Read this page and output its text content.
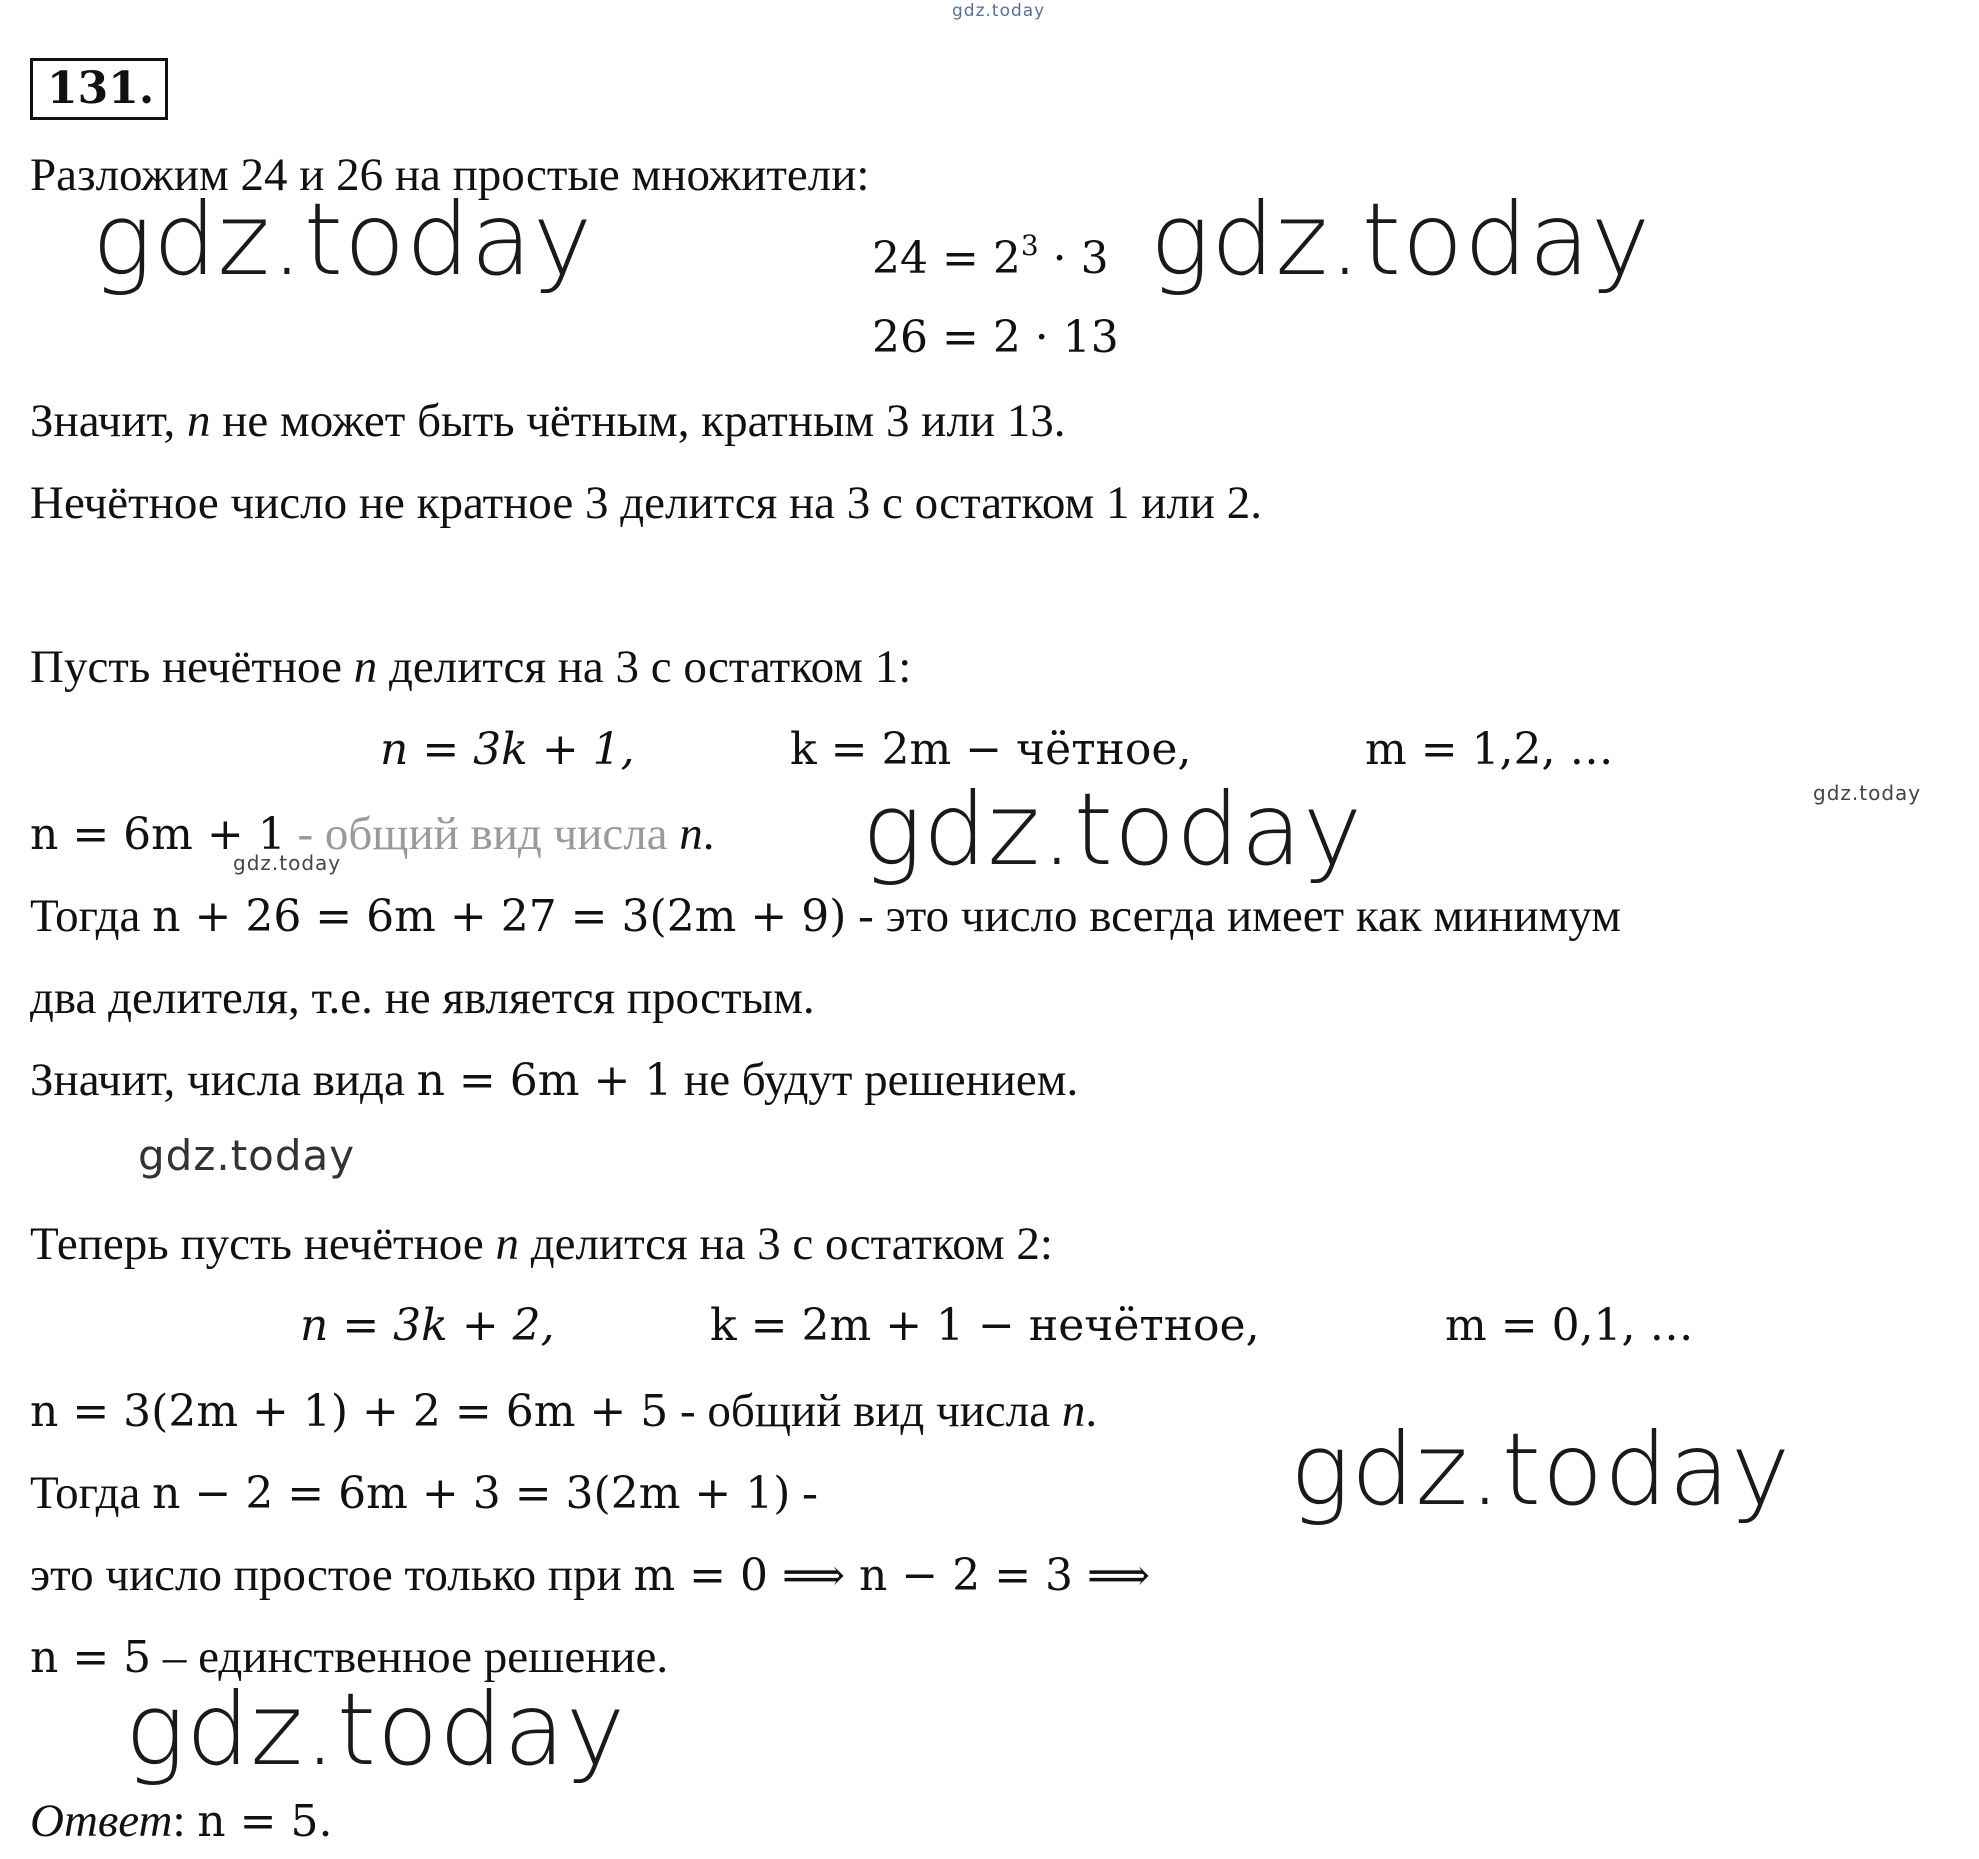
gdz.today
131.
Разложим 24 и 26 на простые множители:
$24 = 2^3 \cdot 3$
26 = 2 · 13
Значит, n не может быть чётным, кратным 3 или 13.
Нечётное число не кратное 3 делится на 3 с остатком 1 или 2.
Пусть нечётное n делится на 3 с остатком 1:
n = 3k + 1,	k = 2m − чётное,	m = 1,2, …
n = 6m + 1 - общий вид числа n.
Тогда n + 26 = 6m + 27 = 3(2m + 9) - это число всегда имеет как минимум
два делителя, т.е. не является простым.
Значит, числа вида n = 6m + 1 не будут решением.
Теперь пусть нечётное n делится на 3 с остатком 2:
n = 3k + 2,	k = 2m + 1 − нечётное,	m = 0,1, …
n = 3(2m + 1) + 2 = 6m + 5 - общий вид числа n.
Тогда n − 2 = 6m + 3 = 3(2m + 1) -
это число простое только при m = 0 ⟹ n − 2 = 3 ⟹
n = 5 – единственное решение.
Ответ: n = 5.
gdz.today	gdz.today
gdz.today
gdz.today
gdz.today
gdz.today
gdz.today
gdz.today
